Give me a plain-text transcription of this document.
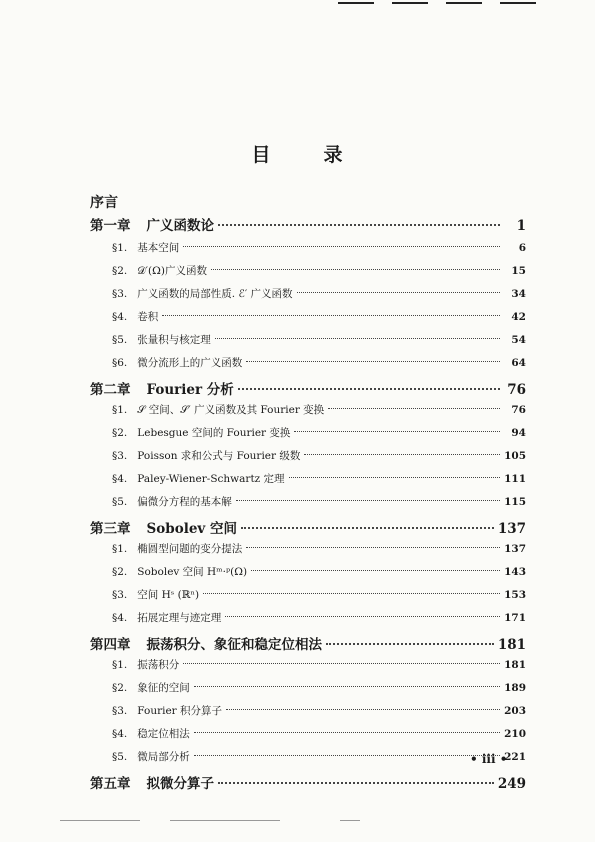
目	录
序言
第一章 广义函数论	1
§1. 基本空间	6
§2. 𝒟′(Ω)广义函数	15
§3. 广义函数的局部性质. ℰ′ 广义函数	34
§4. 卷积	42
§5. 张量积与核定理	54
§6. 微分流形上的广义函数	64
第二章 Fourier 分析	76
§1. 𝒮 空间、𝒮′ 广义函数及其 Fourier 变换	76
§2. Lebesgue 空间的 Fourier 变换	94
§3. Poisson 求和公式与 Fourier 级数	105
§4. Paley-Wiener-Schwartz 定理	111
§5. 偏微分方程的基本解	115
第三章 Sobolev 空间	137
§1. 椭圆型问题的变分提法	137
§2. Sobolev 空间 Hᵐ·ᵖ(Ω)	143
§3. 空间 Hˢ (ℝⁿ)	153
§4. 拓展定理与迹定理	171
第四章 振荡积分、象征和稳定位相法	181
§1. 振荡积分	181
§2. 象征的空间	189
§3. Fourier 积分算子	203
§4. 稳定位相法	210
§5. 微局部分析	221
第五章 拟微分算子	249
• iii •
